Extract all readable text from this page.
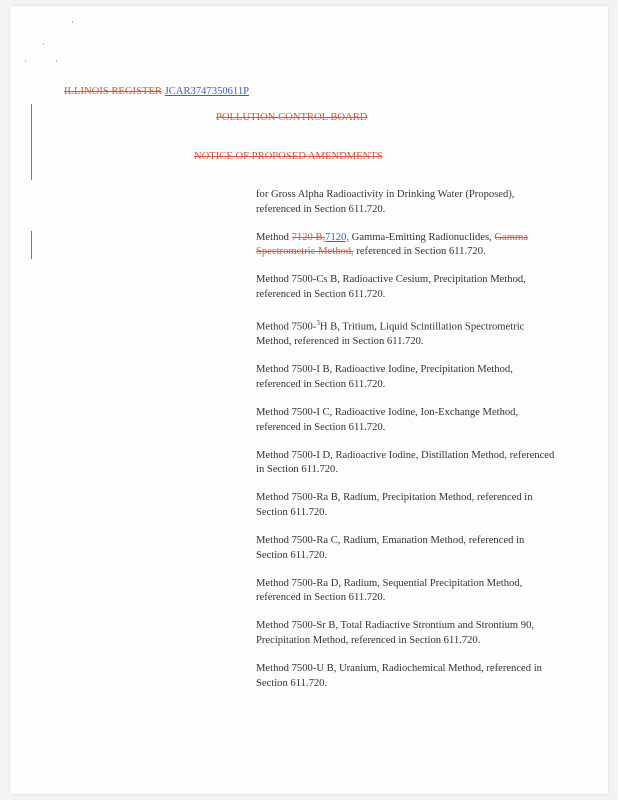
ILLINOIS REGISTER JCAR3747350611P
POLLUTION CONTROL BOARD
NOTICE OF PROPOSED AMENDMENTS

for Gross Alpha Radioactivity in Drinking Water (Proposed), referenced in Section 611.720.

Method 7120 B,7120, Gamma-Emitting Radionuclides, Gamma Spectrometric Method, referenced in Section 611.720.

Method 7500-Cs B, Radioactive Cesium, Precipitation Method, referenced in Section 611.720.

Method 7500-$^3$H B, Tritium, Liquid Scintillation Spectrometric Method, referenced in Section 611.720.

Method 7500-I B, Radioactive Iodine, Precipitation Method, referenced in Section 611.720.

Method 7500-I C, Radioactive Iodine, Ion-Exchange Method, referenced in Section 611.720.

Method 7500-I D, Radioactive Iodine, Distillation Method, referenced in Section 611.720.

Method 7500-Ra B, Radium, Precipitation Method, referenced in Section 611.720.

Method 7500-Ra C, Radium, Emanation Method, referenced in Section 611.720.

Method 7500-Ra D, Radium, Sequential Precipitation Method, referenced in Section 611.720.

Method 7500-Sr B, Total Radiactive Strontium and Strontium 90, Precipitation Method, referenced in Section 611.720.

Method 7500-U B, Uranium, Radiochemical Method, referenced in Section 611.720.
